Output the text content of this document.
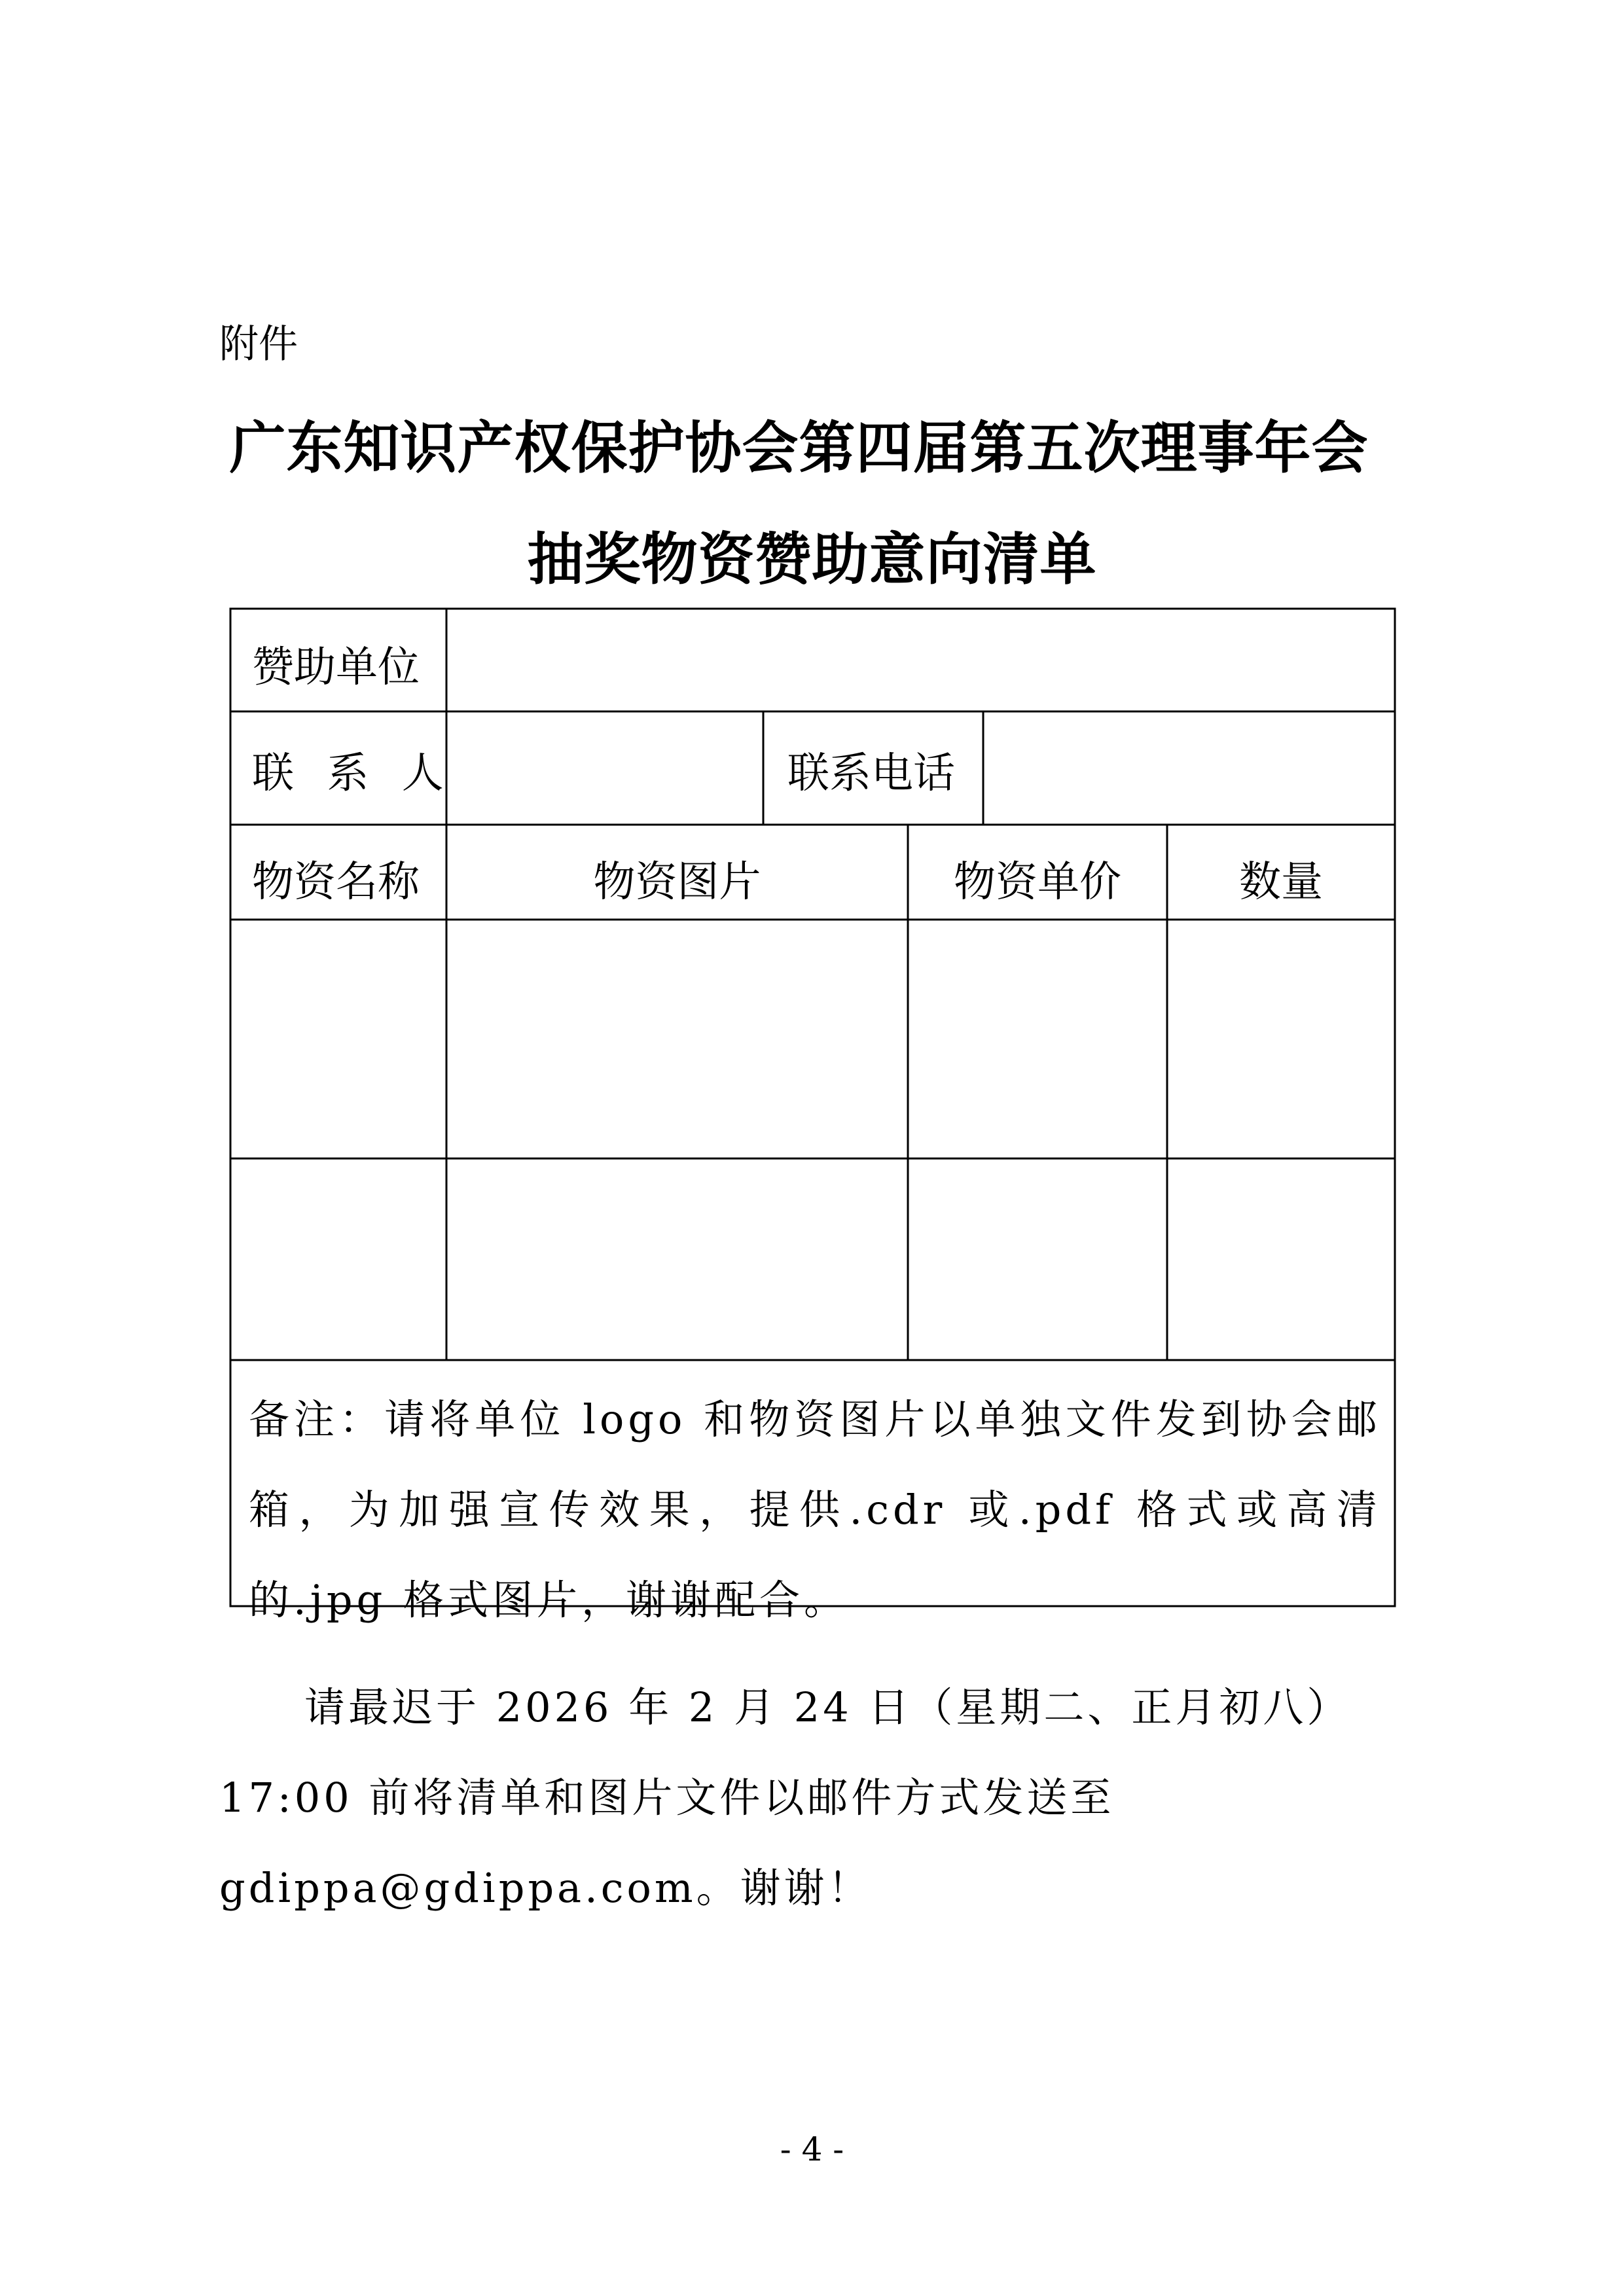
附件
广东知识产权保护协会第四届第五次理事年会
抽奖物资赞助意向清单
赞助单位
联 系 人	联系电话
物资名称	物资图片	物资单价	数量
备注：请将单位 logo 和物资图片以单独文件发到协会邮箱，为加强宣传效果，提供.cdr 或.pdf 格式或高清的.jpg 格式图片，谢谢配合。
请最迟于 2026 年 2 月 24 日（星期二、正月初八）17:00 前将清单和图片文件以邮件方式发送至 gdippa@gdippa.com。谢谢！
- 4 -
